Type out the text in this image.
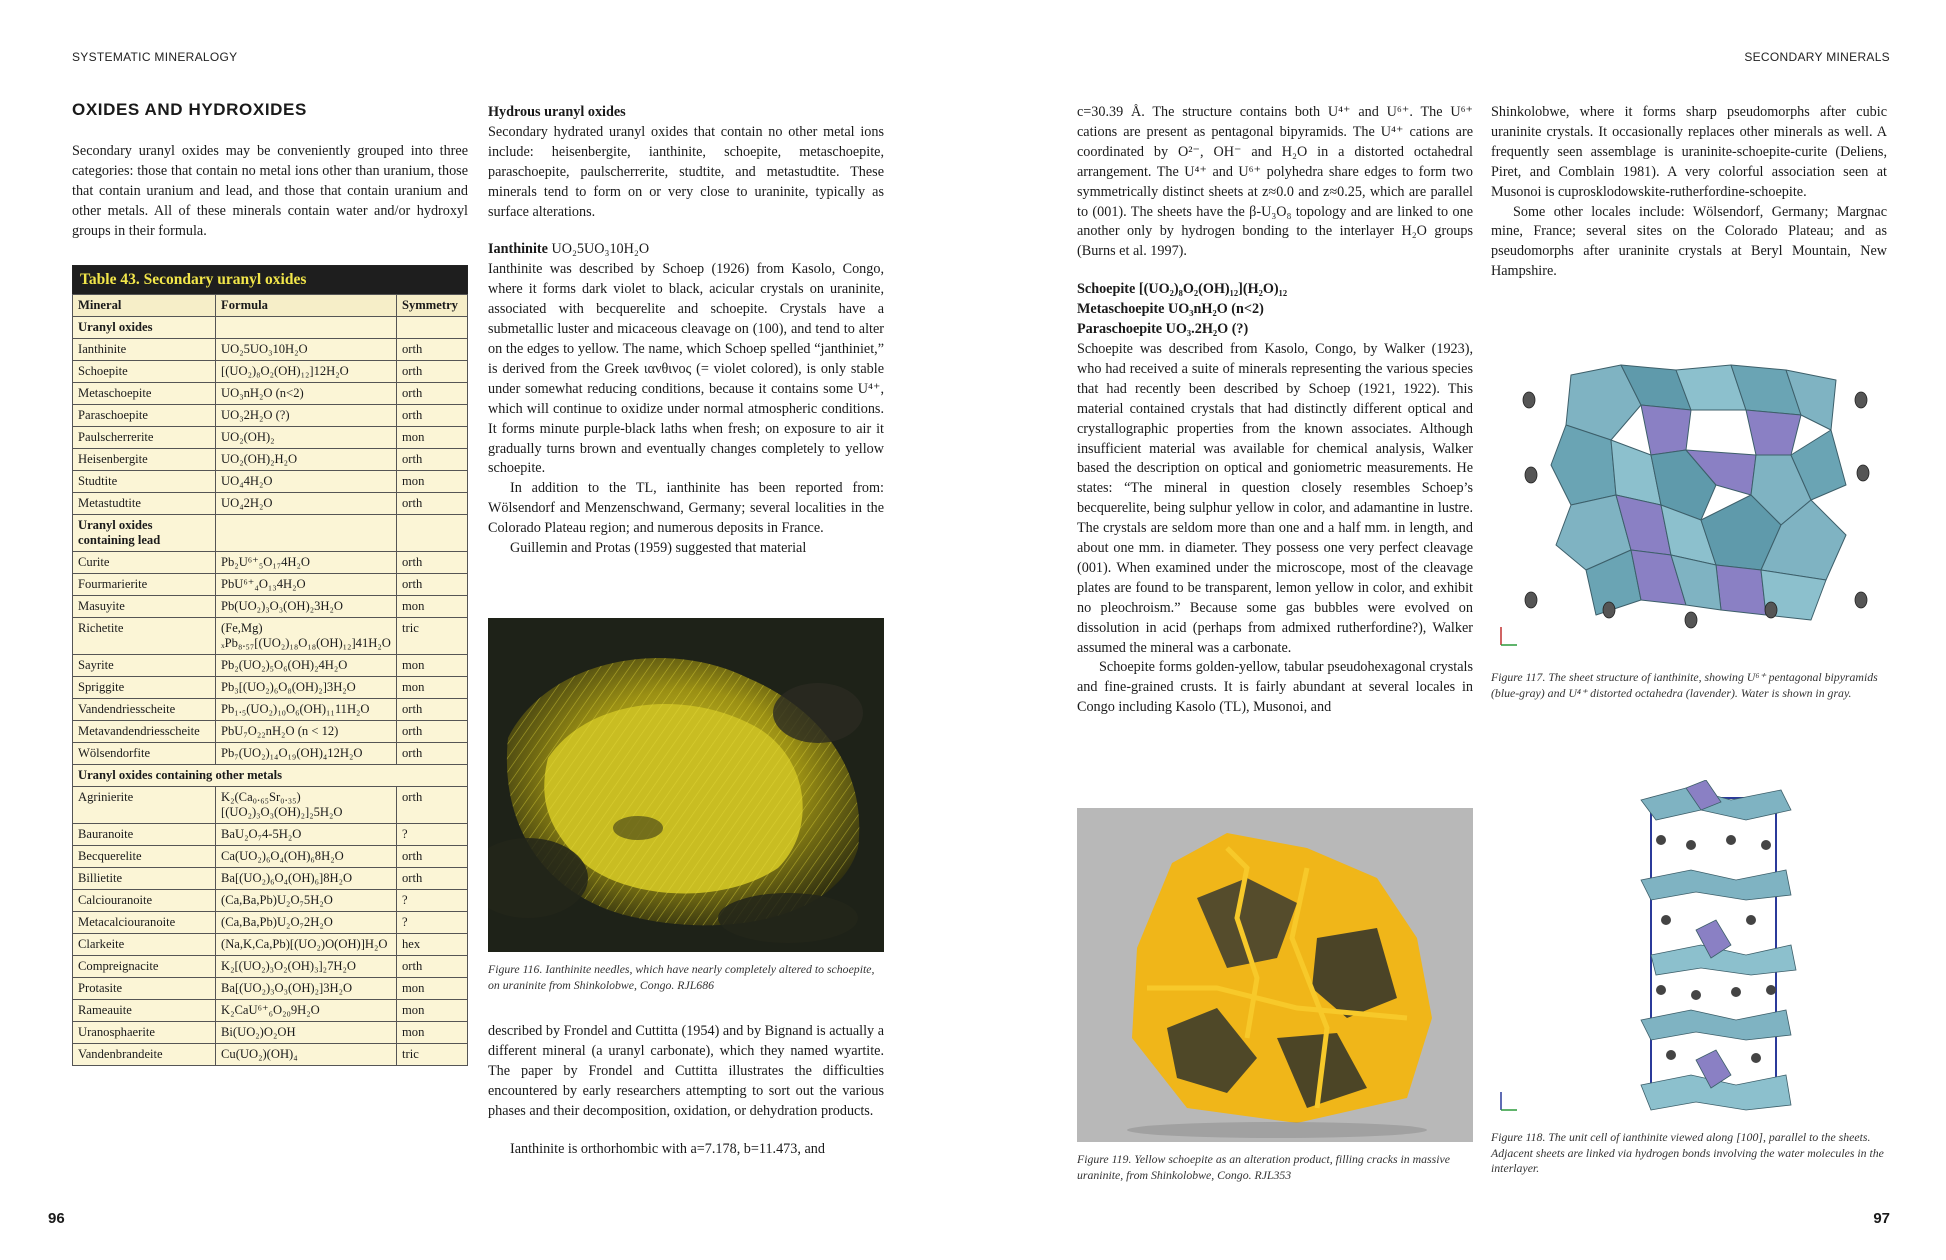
SYSTEMATIC MINERALOGY
OXIDES AND HYDROXIDES

Secondary uranyl oxides may be conveniently grouped into three categories: those that contain no metal ions other than uranium, those that contain uranium and lead, and those that contain uranium and other metals. All of these minerals contain water and/or hydroxyl groups in their formula.

Table 43. Secondary uranyl oxides
Mineral	Formula	Symmetry
Uranyl oxides		
Ianthinite	UO₂5UO₃10H₂O	orth
Schoepite	[(UO₂)₈O₂(OH)₁₂]12H₂O	orth
Metaschoepite	UO₃nH₂O (n<2)	orth
Paraschoepite	UO₃2H₂O (?)	orth
Paulscherrerite	UO₂(OH)₂	mon
Heisenbergite	UO₂(OH)₂H₂O	orth
Studtite	UO₄4H₂O	mon
Metastudtite	UO₄2H₂O	orth
Uranyl oxides containing lead		
Curite	Pb₂U⁶⁺₅O₁₇4H₂O	orth
Fourmarierite	PbU⁶⁺₄O₁₃4H₂O	orth
Masuyite	Pb(UO₂)₃O₃(OH)₂3H₂O	mon
Richetite	(Fe,Mg) ₓPb₈.₅₇[(UO₂)₁₈O₁₈(OH)₁₂]41H₂O	tric
Sayrite	Pb₂(UO₂)₅O₆(OH)₂4H₂O	mon
Spriggite	Pb₃[(UO₂)₆O₈(OH)₂]3H₂O	mon
Vandendriesscheite	Pb₁.₅(UO₂)₁₀O₆(OH)₁₁11H₂O	orth
Metavandendriesscheite	PbU₇O₂₂nH₂O (n < 12)	orth
Wölsendorfite	Pb₇(UO₂)₁₄O₁₉(OH)₄12H₂O	orth
Uranyl oxides containing other metals		
Agrinierite	K₂(Ca₀.₆₅Sr₀.₃₅)[(UO₂)₃O₃(OH)₂]₂5H₂O	orth
Bauranoite	BaU₂O₇4-5H₂O	?
Becquerelite	Ca(UO₂)₆O₄(OH)₆8H₂O	orth
Billietite	Ba[(UO₂)₆O₄(OH)₆]8H₂O	orth
Calciouranoite	(Ca,Ba,Pb)U₂O₇5H₂O	?
Metacalciouranoite	(Ca,Ba,Pb)U₂O₇2H₂O	?
Clarkeite	(Na,K,Ca,Pb)[(UO₂)O(OH)]H₂O	hex
Compreignacite	K₂[(UO₂)₃O₂(OH)₃]₂7H₂O	orth
Protasite	Ba[(UO₂)₃O₃(OH)₂]3H₂O	mon
Rameauite	K₂CaU⁶⁺₆O₂₀9H₂O	mon
Uranosphaerite	Bi(UO₂)O₂OH	mon
Vandenbrandeite	Cu(UO₂)(OH)₄	tric

Hydrous uranyl oxides

Secondary hydrated uranyl oxides that contain no other metal ions include: heisenbergite, ianthinite, schoepite, metaschoepite, paraschoepite, paulscherrerite, studtite, and metastudtite. These minerals tend to form on or very close to uraninite, typically as surface alterations.

Ianthinite UO₂5UO₃10H₂O

Ianthinite was described by Schoep (1926) from Kasolo, Congo, where it forms dark violet to black, acicular crystals on uraninite, associated with becquerelite and schoepite. Crystals have a submetallic luster and micaceous cleavage on (100), and tend to alter on the edges to yellow. The name, which Schoep spelled “janthiniet,” is derived from the Greek ιανθινος (= violet colored), is only stable under somewhat reducing conditions, because it contains some U⁴⁺, which will continue to oxidize under normal atmospheric conditions. It forms minute purple-black laths when fresh; on exposure to air it gradually turns brown and eventually changes completely to yellow schoepite.

In addition to the TL, ianthinite has been reported from: Wölsendorf and Menzenschwand, Germany; several localities in the Colorado Plateau region; and numerous deposits in France.

Guillemin and Protas (1959) suggested that material

Figure 116. Ianthinite needles, which have nearly completely altered to schoepite, on uraninite from Shinkolobwe, Congo. RJL686

described by Frondel and Cuttitta (1954) and by Bignand is actually a different mineral (a uranyl carbonate), which they named wyartite. The paper by Frondel and Cuttitta illustrates the difficulties encountered by early researchers attempting to sort out the various phases and their decomposition, oxidation, or dehydration products.

Ianthinite is orthorhombic with a=7.178, b=11.473, and

96
SECONDARY MINERALS

c=30.39 Å. The structure contains both U⁴⁺ and U⁶⁺. The U⁶⁺ cations are present as pentagonal bipyramids. The U⁴⁺ cations are coordinated by O²⁻, OH⁻ and H₂O in a distorted octahedral arrangement. The U⁴⁺ and U⁶⁺ polyhedra share edges to form two symmetrically distinct sheets at z≈0.0 and z≈0.25, which are parallel to (001). The sheets have the β-U₃O₈ topology and are linked to one another only by hydrogen bonding to the interlayer H₂O groups (Burns et al. 1997).

Schoepite [(UO₂)₈O₂(OH)₁₂](H₂O)₁₂

Metaschoepite UO₃nH₂O (n<2)

Paraschoepite UO₃.2H₂O (?)

Schoepite was described from Kasolo, Congo, by Walker (1923), who had received a suite of minerals representing the various species that had recently been described by Schoep (1921, 1922). This material contained crystals that had distinctly different optical and crystallographic properties from the known associates. Although insufficient material was available for chemical analysis, Walker based the description on optical and goniometric measurements. He states: “The mineral in question closely resembles Schoep’s becquerelite, being sulphur yellow in color, and adamantine in lustre. The crystals are seldom more than one and a half mm. in length, and about one mm. in diameter. They possess one very perfect cleavage (001). When examined under the microscope, most of the cleavage plates are found to be transparent, lemon yellow in color, and exhibit no pleochroism.” Because some gas bubbles were evolved on dissolution in acid (perhaps from admixed rutherfordine?), Walker assumed the mineral was a carbonate.

Schoepite forms golden-yellow, tabular pseudohexagonal crystals and fine-grained crusts. It is fairly abundant at several locales in Congo including Kasolo (TL), Musonoi, and

Figure 119. Yellow schoepite as an alteration product, filling cracks in massive uraninite, from Shinkolobwe, Congo. RJL353

Shinkolobwe, where it forms sharp pseudomorphs after cubic uraninite crystals. It occasionally replaces other minerals as well. A frequently seen assemblage is uraninite-schoepite-curite (Deliens, Piret, and Comblain 1981). A very colorful association seen at Musonoi is cuprosklodowskite-rutherfordine-schoepite.

Some other locales include: Wölsendorf, Germany; Margnac mine, France; several sites on the Colorado Plateau; and as pseudomorphs after uraninite crystals at Beryl Mountain, New Hampshire.

Figure 117. The sheet structure of ianthinite, showing U⁶⁺ pentagonal bipyramids (blue-gray) and U⁴⁺ distorted octahedra (lavender). Water is shown in gray.
Figure 118. The unit cell of ianthinite viewed along [100], parallel to the sheets. Adjacent sheets are linked via hydrogen bonds involving the water molecules in the interlayer.
97
